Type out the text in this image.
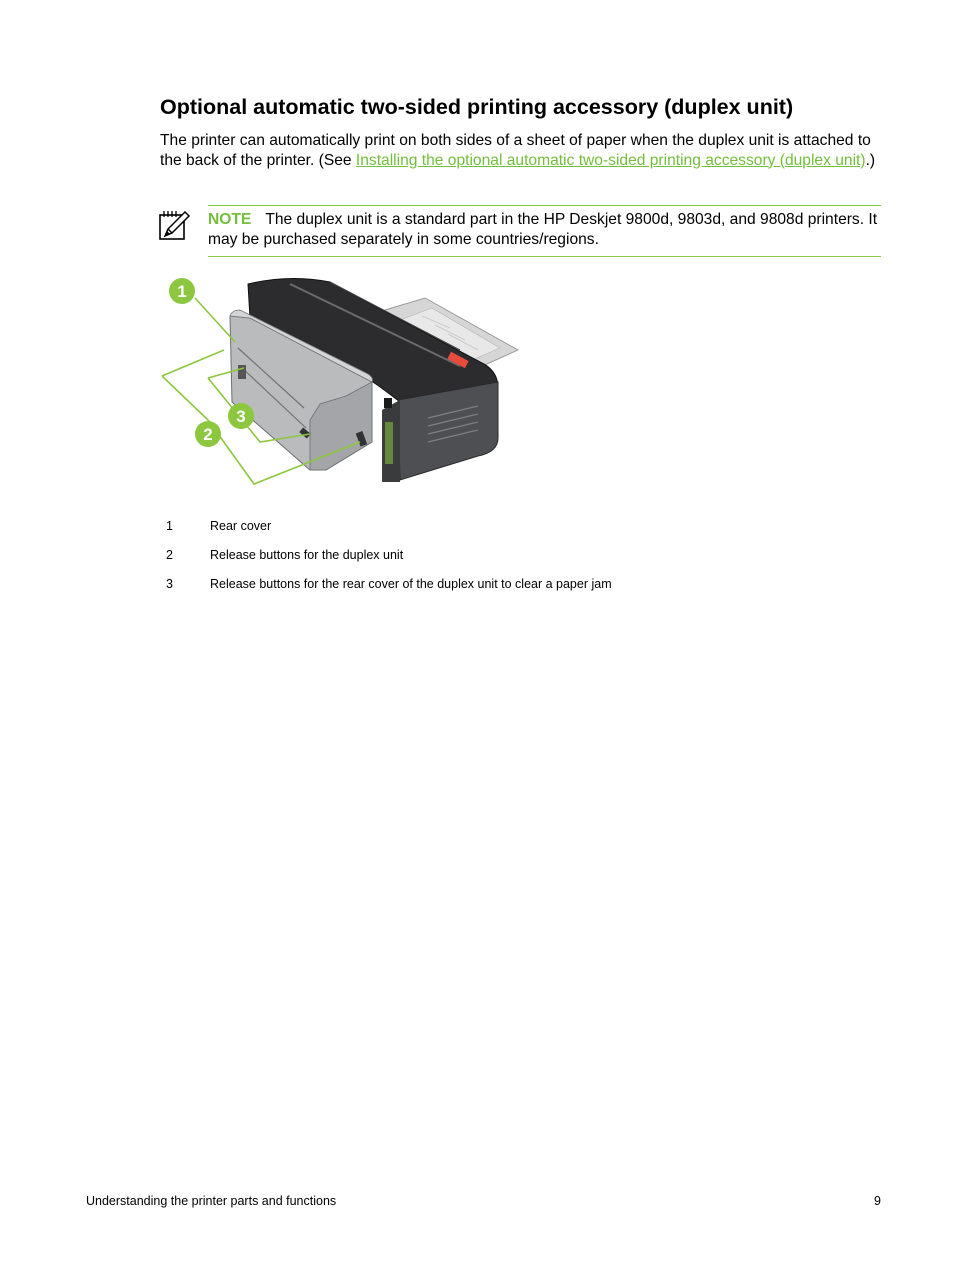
Optional automatic two-sided printing accessory (duplex unit)

The printer can automatically print on both sides of a sheet of paper when the duplex unit is attached to the back of the printer. (See Installing the optional automatic two-sided printing accessory (duplex unit).)

NOTE The duplex unit is a standard part in the HP Deskjet 9800d, 9803d, and 9808d printers. It may be purchased separately in some countries/regions.

1
2
3
1	Rear cover
2	Release buttons for the duplex unit
3	Release buttons for the rear cover of the duplex unit to clear a paper jam
Understanding the printer parts and functions	9
